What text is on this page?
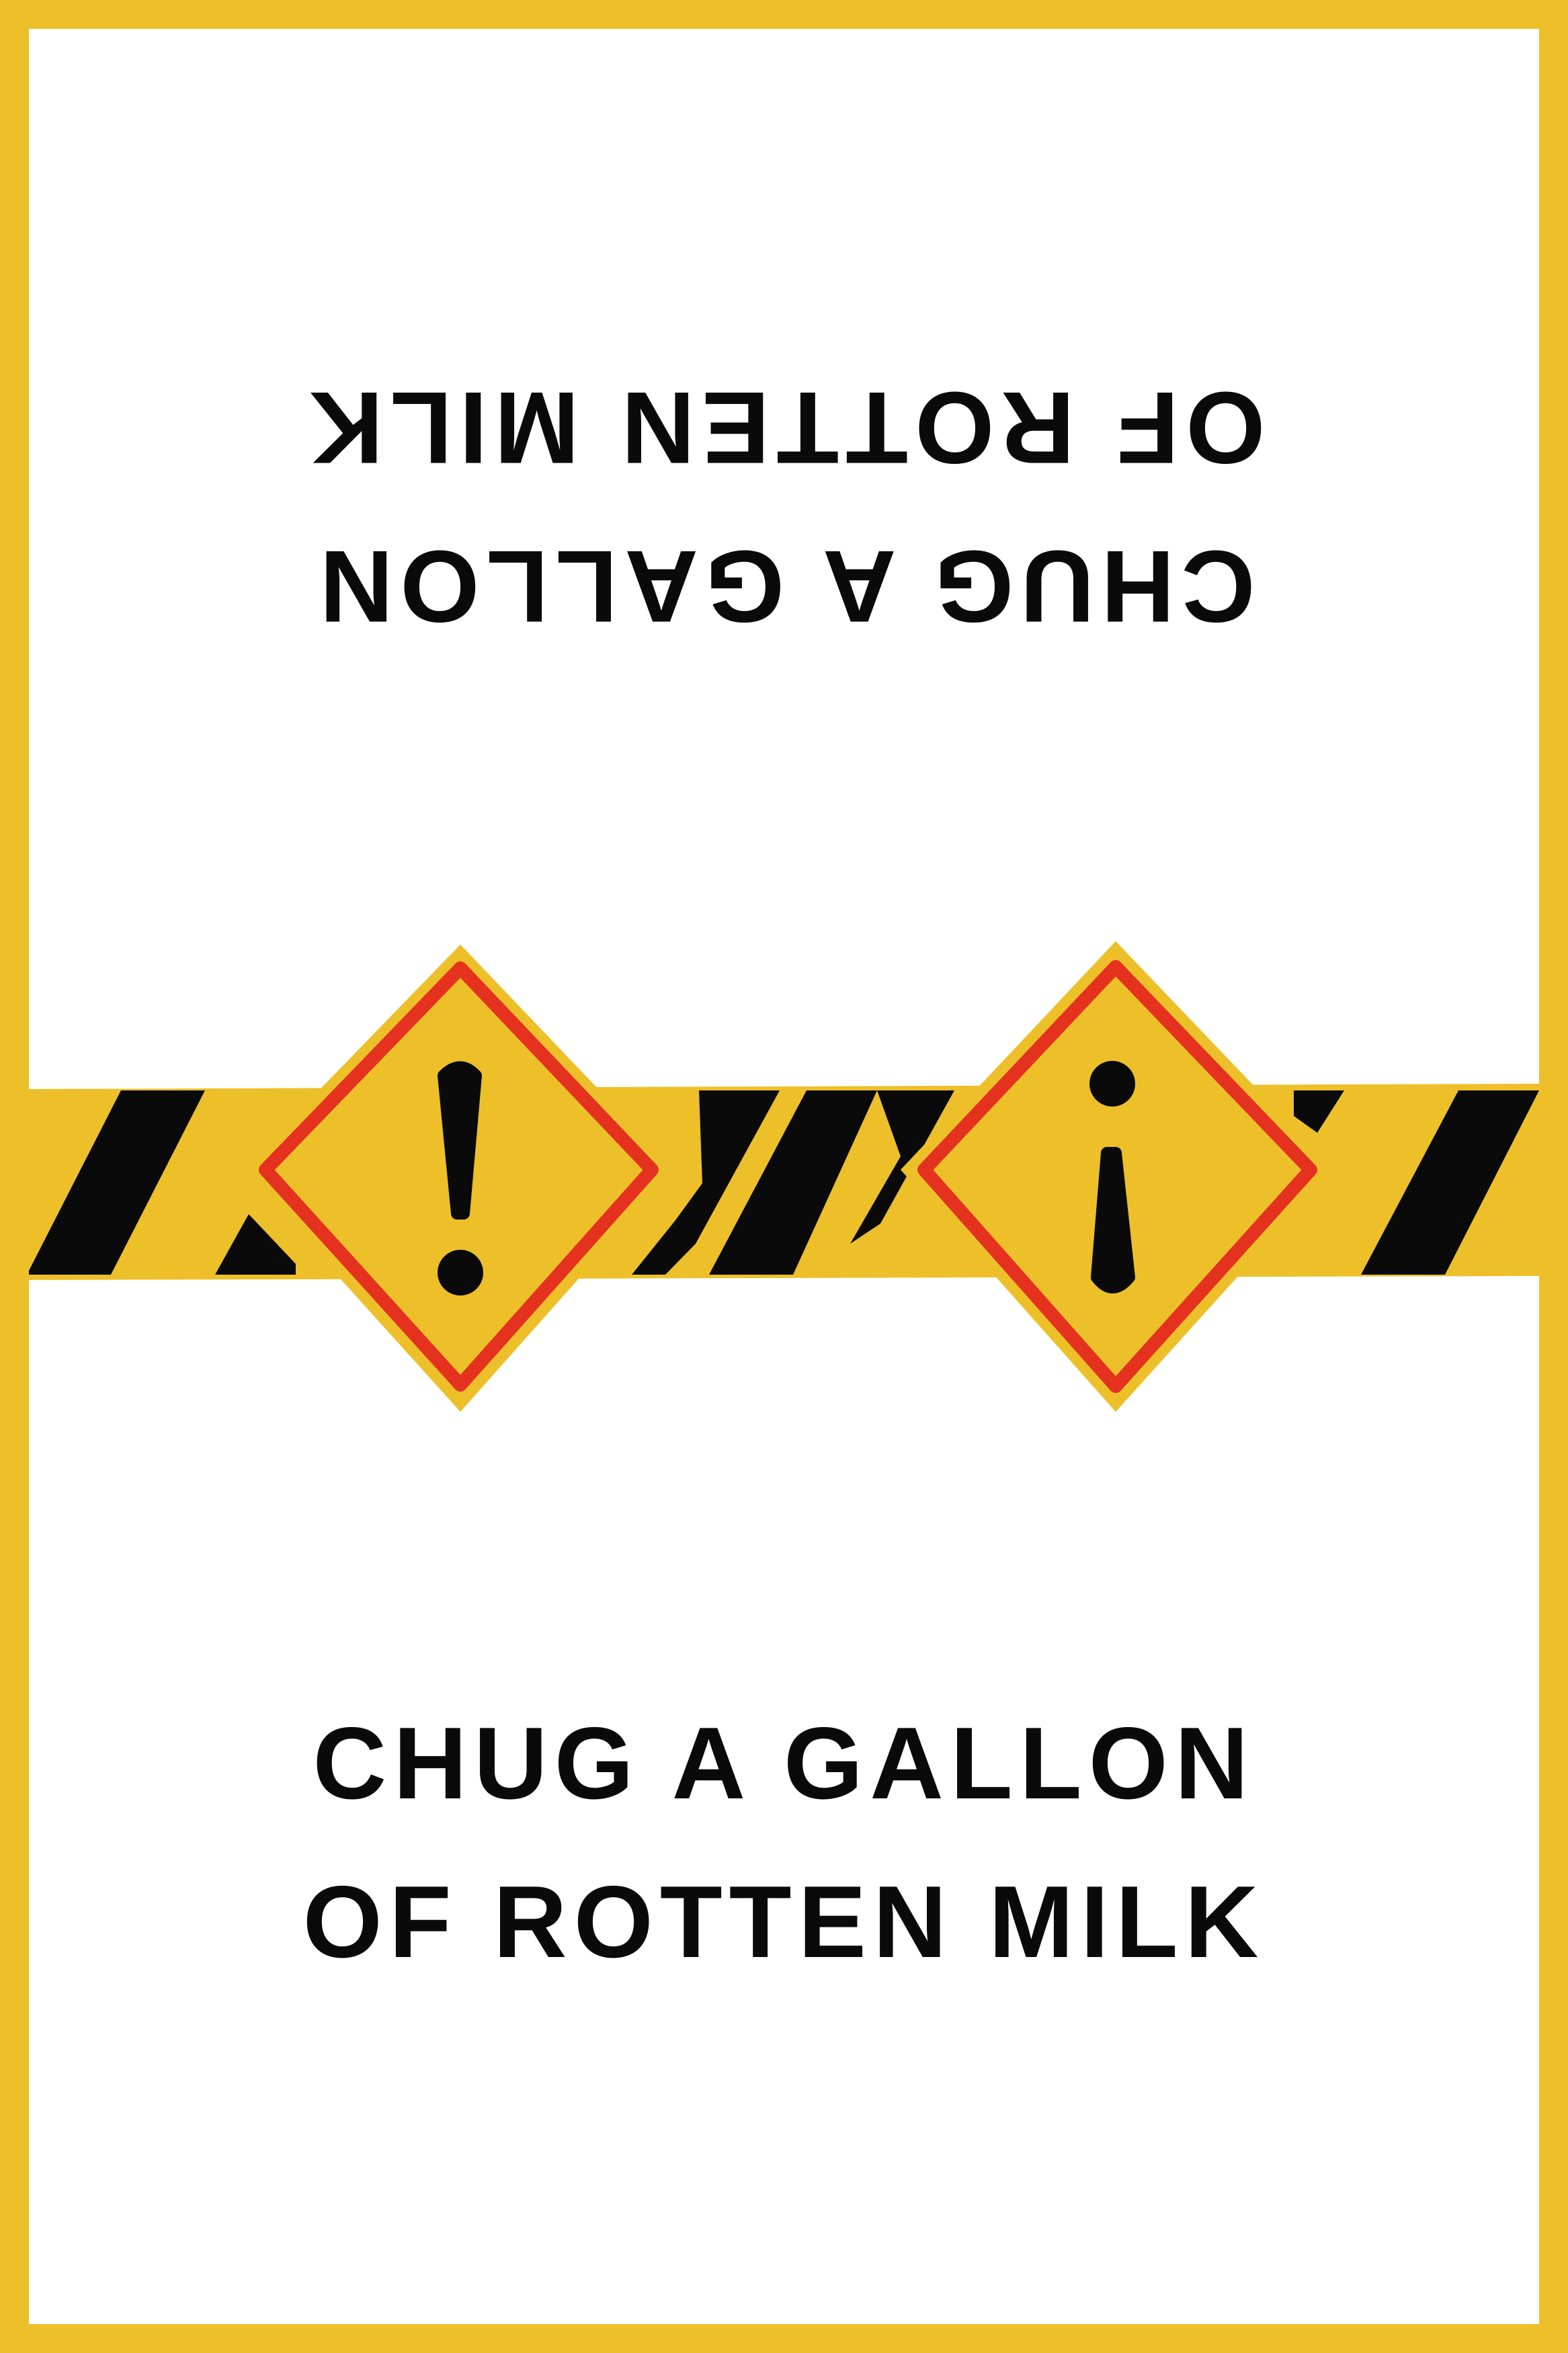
CHUG A GALLON
OF ROTTEN MILK
CHUG A GALLON
OF ROTTEN MILK
